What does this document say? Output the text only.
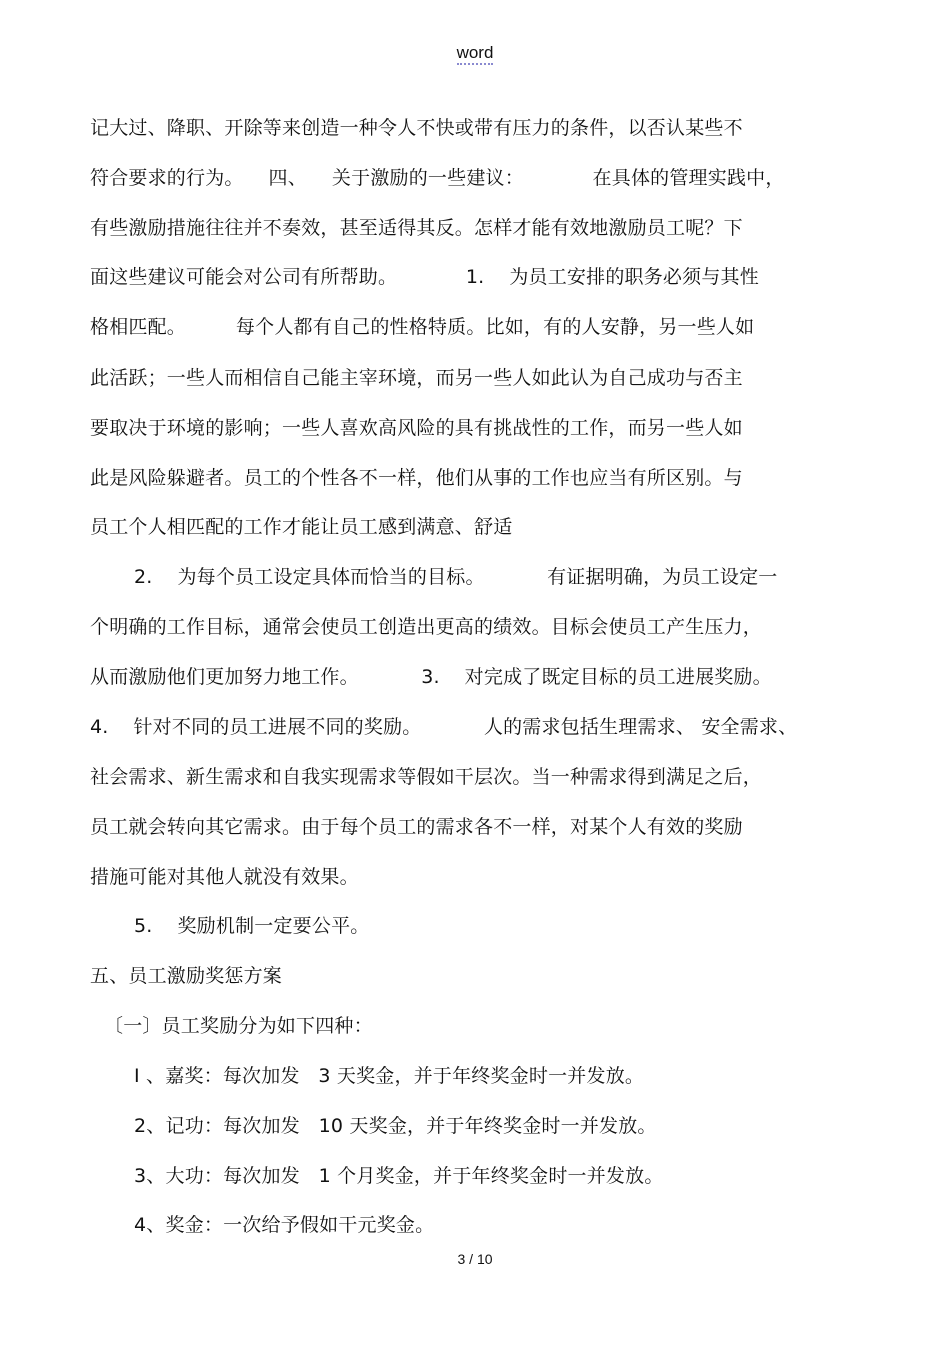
word
记大过、降职、开除等来创造一种令人不快或带有压力的条件，以否认某些不
符合要求的行为。    四、    关于激励的一些建议：           在具体的管理实践中，
有些激励措施往往并不奏效，甚至适得其反。怎样才能有效地激励员工呢？下
面这些建议可能会对公司有所帮助。           1.    为员工安排的职务必须与其性
格相匹配。        每个人都有自己的性格特质。比如，有的人安静，另一些人如
此活跃；一些人而相信自己能主宰环境，而另一些人如此认为自己成功与否主
要取决于环境的影响；一些人喜欢高风险的具有挑战性的工作，而另一些人如
此是风险躲避者。员工的个性各不一样，他们从事的工作也应当有所区别。与
员工个人相匹配的工作才能让员工感到满意、舒适
2.    为每个员工设定具体而恰当的目标。          有证据明确，为员工设定一
个明确的工作目标，通常会使员工创造出更高的绩效。目标会使员工产生压力，
从而激励他们更加努力地工作。          3.    对完成了既定目标的员工进展奖励。
4.    针对不同的员工进展不同的奖励。          人的需求包括生理需求、 安全需求、
社会需求、新生需求和自我实现需求等假如干层次。当一种需求得到满足之后，
员工就会转向其它需求。由于每个员工的需求各不一样，对某个人有效的奖励
措施可能对其他人就没有效果。
5.    奖励机制一定要公平。
五、员工激励奖惩方案
〔一〕员工奖励分为如下四种：
I 、嘉奖：每次加发   3 天奖金，并于年终奖金时一并发放。
2、记功：每次加发   10 天奖金，并于年终奖金时一并发放。
3、大功：每次加发   1 个月奖金，并于年终奖金时一并发放。
4、奖金：一次给予假如干元奖金。
3 / 10
